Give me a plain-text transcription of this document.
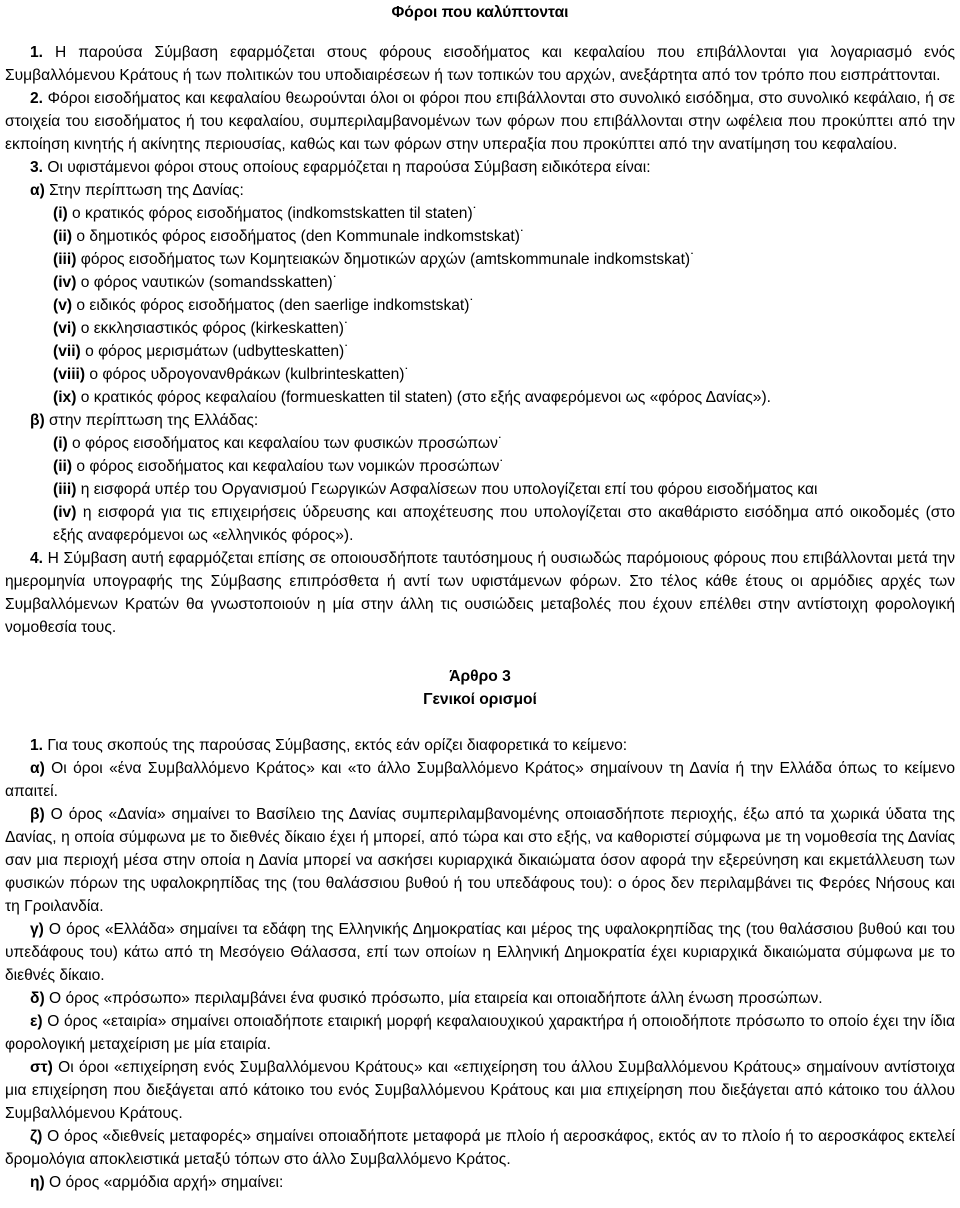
Φόροι που καλύπτονται

1. Η παρούσα Σύμβαση εφαρμόζεται στους φόρους εισοδήματος και κεφαλαίου που επιβάλλονται για λογαριασμό ενός Συμβαλλόμενου Κράτους ή των πολιτικών του υποδιαιρέσεων ή των τοπικών του αρχών, ανεξάρτητα από τον τρόπο που εισπράττονται.

2. Φόροι εισοδήματος και κεφαλαίου θεωρούνται όλοι οι φόροι που επιβάλλονται στο συνολικό εισόδημα, στο συνολικό κεφάλαιο, ή σε στοιχεία του εισοδήματος ή του κεφαλαίου, συμπεριλαμβανομένων των φόρων που επιβάλλονται στην ωφέλεια που προκύπτει από την εκποίηση κινητής ή ακίνητης περιουσίας, καθώς και των φόρων στην υπεραξία που προκύπτει από την ανατίμηση του κεφαλαίου.

3. Οι υφιστάμενοι φόροι στους οποίους εφαρμόζεται η παρούσα Σύμβαση ειδικότερα είναι:

α) Στην περίπτωση της Δανίας:

(i) ο κρατικός φόρος εισοδήματος (indkomstskatten til staten)˙

(ii) ο δημοτικός φόρος εισοδήματος (den Kommunale indkomstskat)˙

(iii) φόρος εισοδήματος των Κομητειακών δημοτικών αρχών (amtskommunale indkomstskat)˙

(iv) ο φόρος ναυτικών (somandsskatten)˙

(v) ο ειδικός φόρος εισοδήματος (den saerlige indkomstskat)˙

(vi) ο εκκλησιαστικός φόρος (kirkeskatten)˙

(vii) ο φόρος μερισμάτων (udbytteskatten)˙

(viii) ο φόρος υδρογονανθράκων (kulbrinteskatten)˙

(ix) ο κρατικός φόρος κεφαλαίου (formueskatten til staten) (στο εξής αναφερόμενοι ως «φόρος Δανίας»).

β) στην περίπτωση της Ελλάδας:

(i) ο φόρος εισοδήματος και κεφαλαίου των φυσικών προσώπων˙

(ii) ο φόρος εισοδήματος και κεφαλαίου των νομικών προσώπων˙

(iii) η εισφορά υπέρ του Οργανισμού Γεωργικών Ασφαλίσεων που υπολογίζεται επί του φόρου εισοδήματος και

(iv) η εισφορά για τις επιχειρήσεις ύδρευσης και αποχέτευσης που υπολογίζεται στο ακαθάριστο εισόδημα από οικοδομές (στο εξής αναφερόμενοι ως «ελληνικός φόρος»).

4. Η Σύμβαση αυτή εφαρμόζεται επίσης σε οποιουσδήποτε ταυτόσημους ή ουσιωδώς παρόμοιους φόρους που επιβάλλονται μετά την ημερομηνία υπογραφής της Σύμβασης επιπρόσθετα ή αντί των υφιστάμενων φόρων. Στο τέλος κάθε έτους οι αρμόδιες αρχές των Συμβαλλόμενων Κρατών θα γνωστοποιούν η μία στην άλλη τις ουσιώδεις μεταβολές που έχουν επέλθει στην αντίστοιχη φορολογική νομοθεσία τους.

Άρθρο 3
Γενικοί ορισμοί

1. Για τους σκοπούς της παρούσας Σύμβασης, εκτός εάν ορίζει διαφορετικά το κείμενο:

α) Οι όροι «ένα Συμβαλλόμενο Κράτος» και «το άλλο Συμβαλλόμενο Κράτος» σημαίνουν τη Δανία ή την Ελλάδα όπως το κείμενο απαιτεί.

β) Ο όρος «Δανία» σημαίνει το Βασίλειο της Δανίας συμπεριλαμβανομένης οποιασδήποτε περιοχής, έξω από τα χωρικά ύδατα της Δανίας, η οποία σύμφωνα με το διεθνές δίκαιο έχει ή μπορεί, από τώρα και στο εξής, να καθοριστεί σύμφωνα με τη νομοθεσία της Δανίας σαν μια περιοχή μέσα στην οποία η Δανία μπορεί να ασκήσει κυριαρχικά δικαιώματα όσον αφορά την εξερεύνηση και εκμετάλλευση των φυσικών πόρων της υφαλοκρηπίδας της (του θαλάσσιου βυθού ή του υπεδάφους του): ο όρος δεν περιλαμβάνει τις Φερόες Νήσους και τη Γροιλανδία.

γ) Ο όρος «Ελλάδα» σημαίνει τα εδάφη της Ελληνικής Δημοκρατίας και μέρος της υφαλοκρηπίδας της (του θαλάσσιου βυθού και του υπεδάφους του) κάτω από τη Μεσόγειο Θάλασσα, επί των οποίων η Ελληνική Δημοκρατία έχει κυριαρχικά δικαιώματα σύμφωνα με το διεθνές δίκαιο.

δ) Ο όρος «πρόσωπο» περιλαμβάνει ένα φυσικό πρόσωπο, μία εταιρεία και οποιαδήποτε άλλη ένωση προσώπων.

ε) Ο όρος «εταιρία» σημαίνει οποιαδήποτε εταιρική μορφή κεφαλαιουχικού χαρακτήρα ή οποιοδήποτε πρόσωπο το οποίο έχει την ίδια φορολογική μεταχείριση με μία εταιρία.

στ) Οι όροι «επιχείρηση ενός Συμβαλλόμενου Κράτους» και «επιχείρηση του άλλου Συμβαλλόμενου Κράτους» σημαίνουν αντίστοιχα μια επιχείρηση που διεξάγεται από κάτοικο του ενός Συμβαλλόμενου Κράτους και μια επιχείρηση που διεξάγεται από κάτοικο του άλλου Συμβαλλόμενου Κράτους.

ζ) Ο όρος «διεθνείς μεταφορές» σημαίνει οποιαδήποτε μεταφορά με πλοίο ή αεροσκάφος, εκτός αν το πλοίο ή το αεροσκάφος εκτελεί δρομολόγια αποκλειστικά μεταξύ τόπων στο άλλο Συμβαλλόμενο Κράτος.

η) Ο όρος «αρμόδια αρχή» σημαίνει:
